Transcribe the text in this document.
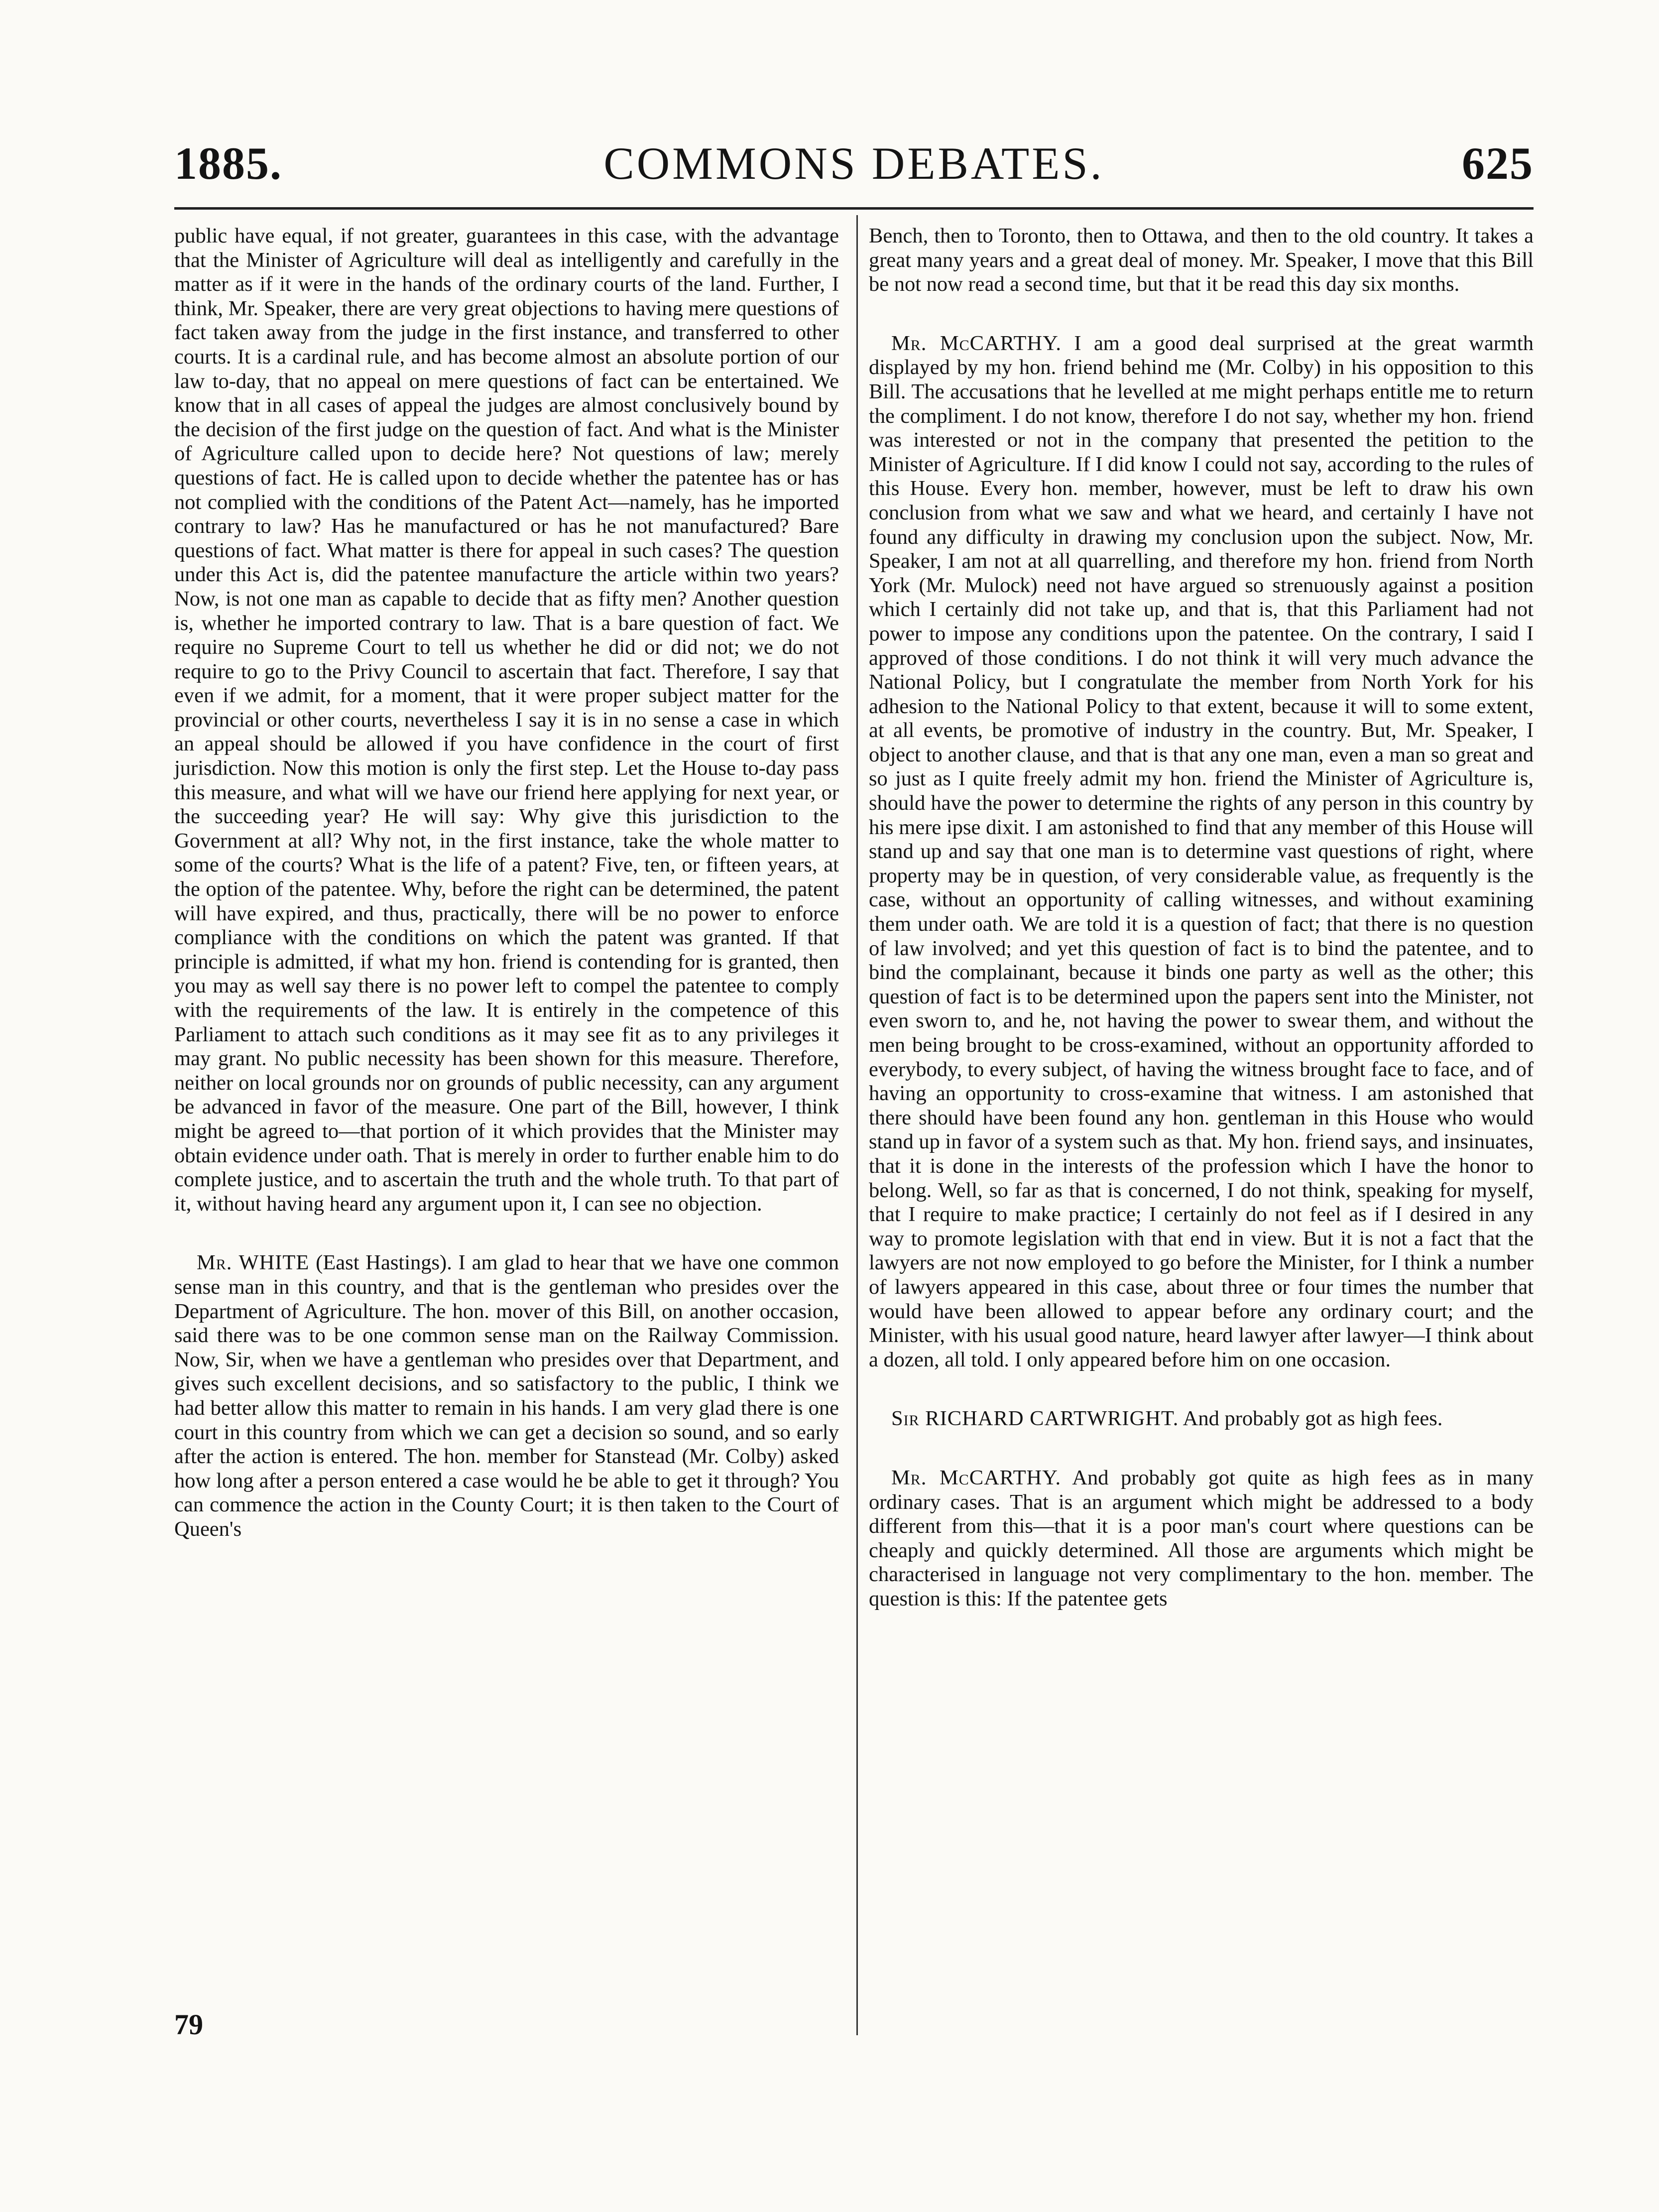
1885.	COMMONS DEBATES.	625

public have equal, if not greater, guarantees in this case, with the advantage that the Minister of Agriculture will deal as intelligently and carefully in the matter as if it were in the hands of the ordinary courts of the land. Further, I think, Mr. Speaker, there are very great objections to having mere questions of fact taken away from the judge in the first instance, and transferred to other courts. It is a cardinal rule, and has become almost an absolute portion of our law to-day, that no appeal on mere questions of fact can be entertained. We know that in all cases of appeal the judges are almost conclusively bound by the decision of the first judge on the question of fact. And what is the Minister of Agriculture called upon to decide here? Not questions of law; merely questions of fact. He is called upon to decide whether the patentee has or has not complied with the conditions of the Patent Act—namely, has he imported contrary to law? Has he manufactured or has he not manufactured? Bare questions of fact. What matter is there for appeal in such cases? The question under this Act is, did the patentee manufacture the article within two years? Now, is not one man as capable to decide that as fifty men? Another question is, whether he imported contrary to law. That is a bare question of fact. We require no Supreme Court to tell us whether he did or did not; we do not require to go to the Privy Council to ascertain that fact. Therefore, I say that even if we admit, for a moment, that it were proper subject matter for the provincial or other courts, nevertheless I say it is in no sense a case in which an appeal should be allowed if you have confidence in the court of first jurisdiction. Now this motion is only the first step. Let the House to-day pass this measure, and what will we have our friend here applying for next year, or the succeeding year? He will say: Why give this jurisdiction to the Government at all? Why not, in the first instance, take the whole matter to some of the courts? What is the life of a patent? Five, ten, or fifteen years, at the option of the patentee. Why, before the right can be determined, the patent will have expired, and thus, practically, there will be no power to enforce compliance with the conditions on which the patent was granted. If that principle is admitted, if what my hon. friend is contending for is granted, then you may as well say there is no power left to compel the patentee to comply with the requirements of the law. It is entirely in the competence of this Parliament to attach such conditions as it may see fit as to any privileges it may grant. No public necessity has been shown for this measure. Therefore, neither on local grounds nor on grounds of public necessity, can any argument be advanced in favor of the measure. One part of the Bill, however, I think might be agreed to—that portion of it which provides that the Minister may obtain evidence under oath. That is merely in order to further enable him to do complete justice, and to ascertain the truth and the whole truth. To that part of it, without having heard any argument upon it, I can see no objection.

Mr. WHITE (East Hastings). I am glad to hear that we have one common sense man in this country, and that is the gentleman who presides over the Department of Agriculture. The hon. mover of this Bill, on another occasion, said there was to be one common sense man on the Railway Commission. Now, Sir, when we have a gentleman who presides over that Department, and gives such excellent decisions, and so satisfactory to the public, I think we had better allow this matter to remain in his hands. I am very glad there is one court in this country from which we can get a decision so sound, and so early after the action is entered. The hon. member for Stanstead (Mr. Colby) asked how long after a person entered a case would he be able to get it through? You can commence the action in the County Court; it is then taken to the Court of Queen's

Bench, then to Toronto, then to Ottawa, and then to the old country. It takes a great many years and a great deal of money. Mr. Speaker, I move that this Bill be not now read a second time, but that it be read this day six months.

Mr. McCARTHY. I am a good deal surprised at the great warmth displayed by my hon. friend behind me (Mr. Colby) in his opposition to this Bill. The accusations that he levelled at me might perhaps entitle me to return the compliment. I do not know, therefore I do not say, whether my hon. friend was interested or not in the company that presented the petition to the Minister of Agriculture. If I did know I could not say, according to the rules of this House. Every hon. member, however, must be left to draw his own conclusion from what we saw and what we heard, and certainly I have not found any difficulty in drawing my conclusion upon the subject. Now, Mr. Speaker, I am not at all quarrelling, and therefore my hon. friend from North York (Mr. Mulock) need not have argued so strenuously against a position which I certainly did not take up, and that is, that this Parliament had not power to impose any conditions upon the patentee. On the contrary, I said I approved of those conditions. I do not think it will very much advance the National Policy, but I congratulate the member from North York for his adhesion to the National Policy to that extent, because it will to some extent, at all events, be promotive of industry in the country. But, Mr. Speaker, I object to another clause, and that is that any one man, even a man so great and so just as I quite freely admit my hon. friend the Minister of Agriculture is, should have the power to determine the rights of any person in this country by his mere ipse dixit. I am astonished to find that any member of this House will stand up and say that one man is to determine vast questions of right, where property may be in question, of very considerable value, as frequently is the case, without an opportunity of calling witnesses, and without examining them under oath. We are told it is a question of fact; that there is no question of law involved; and yet this question of fact is to bind the patentee, and to bind the complainant, because it binds one party as well as the other; this question of fact is to be determined upon the papers sent into the Minister, not even sworn to, and he, not having the power to swear them, and without the men being brought to be cross-examined, without an opportunity afforded to everybody, to every subject, of having the witness brought face to face, and of having an opportunity to cross-examine that witness. I am astonished that there should have been found any hon. gentleman in this House who would stand up in favor of a system such as that. My hon. friend says, and insinuates, that it is done in the interests of the profession which I have the honor to belong. Well, so far as that is concerned, I do not think, speaking for myself, that I require to make practice; I certainly do not feel as if I desired in any way to promote legislation with that end in view. But it is not a fact that the lawyers are not now employed to go before the Minister, for I think a number of lawyers appeared in this case, about three or four times the number that would have been allowed to appear before any ordinary court; and the Minister, with his usual good nature, heard lawyer after lawyer—I think about a dozen, all told. I only appeared before him on one occasion.

Sir RICHARD CARTWRIGHT. And probably got as high fees.

Mr. McCARTHY. And probably got quite as high fees as in many ordinary cases. That is an argument which might be addressed to a body different from this—that it is a poor man's court where questions can be cheaply and quickly determined. All those are arguments which might be characterised in language not very complimentary to the hon. member. The question is this: If the patentee gets

79
